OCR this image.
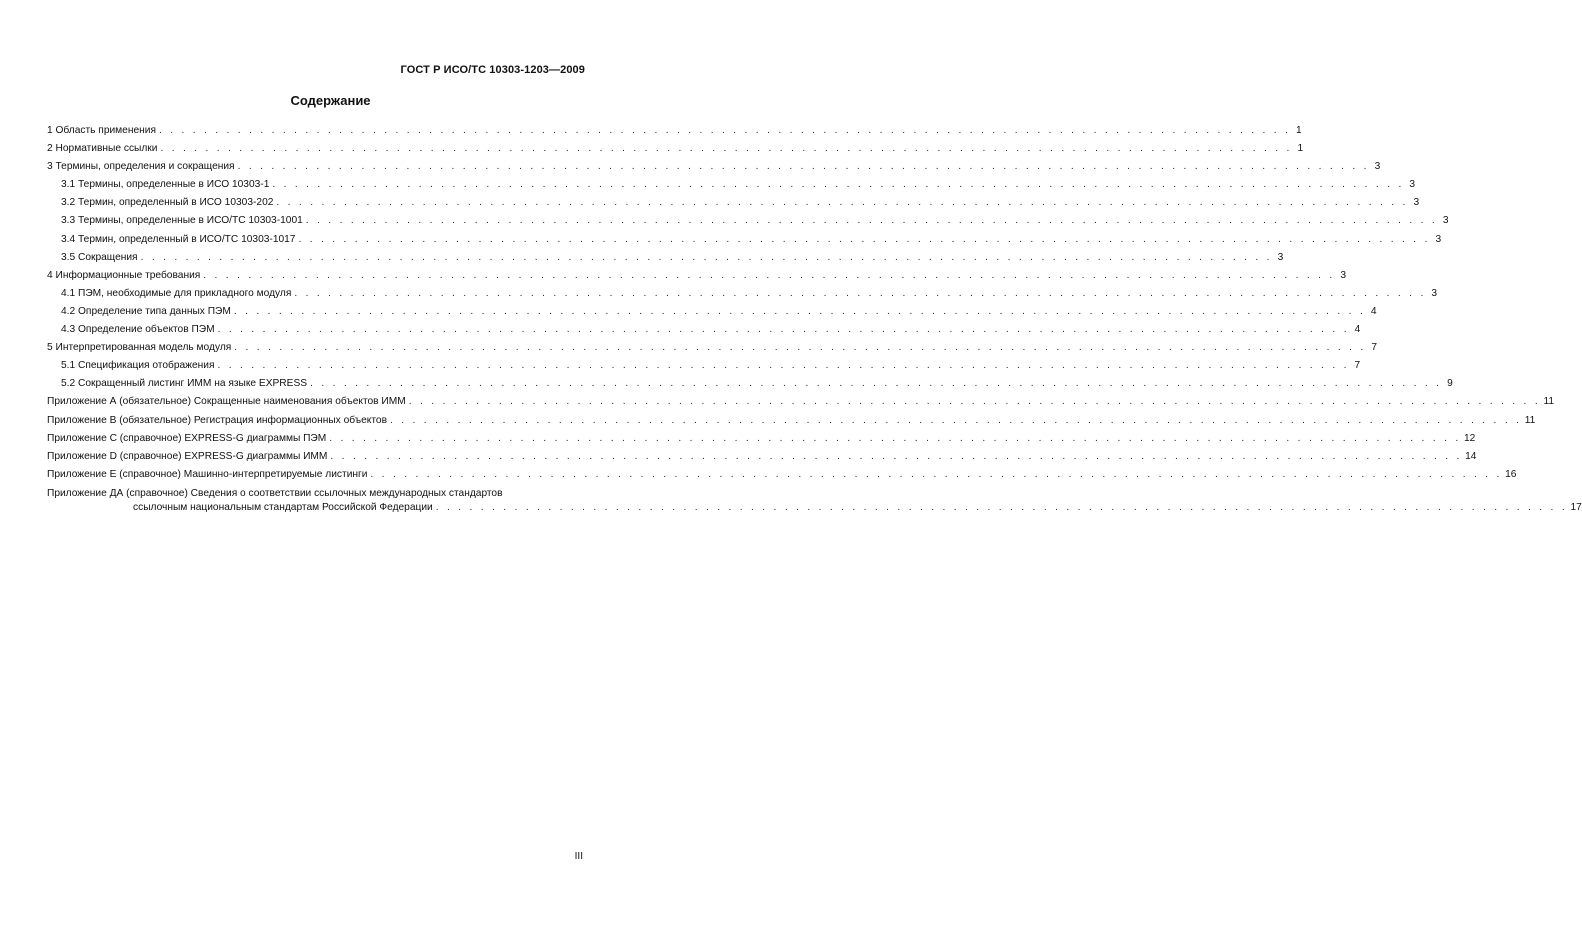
ГОСТ Р ИСО/ТС 10303-1203—2009
Содержание
1 Область применения . . . . . . . . . . . . . . . . . . . . . . . . . . . . . . . . . . . . . . . . . . . . . . . . . . . . . . . . . . . . . . . . . . . . . . . . . . . . . . . . . . . . . . . . . . . . . . . . . . . . . 1
2 Нормативные ссылки . . . . . . . . . . . . . . . . . . . . . . . . . . . . . . . . . . . . . . . . . . . . . . . . . . . . . . . . . . . . . . . . . . . . . . . . . . . . . . . . . . . . . . . . . . . . . . . . . . . . . 1
3 Термины, определения и сокращения . . . . . . . . . . . . . . . . . . . . . . . . . . . . . . . . . . . . . . . . . . . . . . . . . . . . . . . . . . . . . . . . . . . . . . . . . . . . . . . . . . . . . . . . . . . . . . . . . . . . . 3
3.1 Термины, определенные в ИСО 10303-1 . . . . . . . . . . . . . . . . . . . . . . . . . . . . . . . . . . . . . . . . . . . . . . . . . . . . . . . . . . . . . . . . . . . . . . . . . . . . . . . . . . . . . . . . . . . . . . . . . . . . . 3
3.2 Термин, определенный в ИСО 10303-202 . . . . . . . . . . . . . . . . . . . . . . . . . . . . . . . . . . . . . . . . . . . . . . . . . . . . . . . . . . . . . . . . . . . . . . . . . . . . . . . . . . . . . . . . . . . . . . . . . . . . . 3
3.3 Термины, определенные в ИСО/ТС 10303-1001 . . . . . . . . . . . . . . . . . . . . . . . . . . . . . . . . . . . . . . . . . . . . . . . . . . . . . . . . . . . . . . . . . . . . . . . . . . . . . . . . . . . . . . . . . . . . . . . . . . . . . 3
3.4 Термин, определенный в ИСО/ТС 10303-1017 . . . . . . . . . . . . . . . . . . . . . . . . . . . . . . . . . . . . . . . . . . . . . . . . . . . . . . . . . . . . . . . . . . . . . . . . . . . . . . . . . . . . . . . . . . . . . . . . . . . . . 3
3.5 Сокращения . . . . . . . . . . . . . . . . . . . . . . . . . . . . . . . . . . . . . . . . . . . . . . . . . . . . . . . . . . . . . . . . . . . . . . . . . . . . . . . . . . . . . . . . . . . . . . . . . . . . . 3
4 Информационные требования . . . . . . . . . . . . . . . . . . . . . . . . . . . . . . . . . . . . . . . . . . . . . . . . . . . . . . . . . . . . . . . . . . . . . . . . . . . . . . . . . . . . . . . . . . . . . . . . . . . . . 3
4.1 ПЭМ, необходимые для прикладного модуля . . . . . . . . . . . . . . . . . . . . . . . . . . . . . . . . . . . . . . . . . . . . . . . . . . . . . . . . . . . . . . . . . . . . . . . . . . . . . . . . . . . . . . . . . . . . . . . . . . . . . 3
4.2 Определение типа данных ПЭМ . . . . . . . . . . . . . . . . . . . . . . . . . . . . . . . . . . . . . . . . . . . . . . . . . . . . . . . . . . . . . . . . . . . . . . . . . . . . . . . . . . . . . . . . . . . . . . . . . . . . . 4
4.3 Определение объектов ПЭМ . . . . . . . . . . . . . . . . . . . . . . . . . . . . . . . . . . . . . . . . . . . . . . . . . . . . . . . . . . . . . . . . . . . . . . . . . . . . . . . . . . . . . . . . . . . . . . . . . . . . . 4
5 Интерпретированная модель модуля . . . . . . . . . . . . . . . . . . . . . . . . . . . . . . . . . . . . . . . . . . . . . . . . . . . . . . . . . . . . . . . . . . . . . . . . . . . . . . . . . . . . . . . . . . . . . . . . . . . . . 7
5.1 Спецификация отображения . . . . . . . . . . . . . . . . . . . . . . . . . . . . . . . . . . . . . . . . . . . . . . . . . . . . . . . . . . . . . . . . . . . . . . . . . . . . . . . . . . . . . . . . . . . . . . . . . . . . . 7
5.2 Сокращенный листинг ИММ на языке EXPRESS . . . . . . . . . . . . . . . . . . . . . . . . . . . . . . . . . . . . . . . . . . . . . . . . . . . . . . . . . . . . . . . . . . . . . . . . . . . . . . . . . . . . . . . . . . . . . . . . . . . . . 9
Приложение А (обязательное) Сокращенные наименования объектов ИММ . . . . . . . . . . . . . . . . . . . . . . . . . . . . . . . . . . . . . . . . . . . . . . . . . . . . . . . . . . . . . . . . . . . . . . . . . . . . . . . . . . . . . . . . . . . . . . . . . . . . . 11
Приложение В (обязательное) Регистрация информационных объектов . . . . . . . . . . . . . . . . . . . . . . . . . . . . . . . . . . . . . . . . . . . . . . . . . . . . . . . . . . . . . . . . . . . . . . . . . . . . . . . . . . . . . . . . . . . . . . . . . . . . . 11
Приложение С (справочное) EXPRESS-G диаграммы ПЭМ . . . . . . . . . . . . . . . . . . . . . . . . . . . . . . . . . . . . . . . . . . . . . . . . . . . . . . . . . . . . . . . . . . . . . . . . . . . . . . . . . . . . . . . . . . . . . . . . . . . . . 12
Приложение D (справочное) EXPRESS-G диаграммы ИММ . . . . . . . . . . . . . . . . . . . . . . . . . . . . . . . . . . . . . . . . . . . . . . . . . . . . . . . . . . . . . . . . . . . . . . . . . . . . . . . . . . . . . . . . . . . . . . . . . . . . . 14
Приложение Е (справочное) Машинно-интерпретируемые листинги . . . . . . . . . . . . . . . . . . . . . . . . . . . . . . . . . . . . . . . . . . . . . . . . . . . . . . . . . . . . . . . . . . . . . . . . . . . . . . . . . . . . . . . . . . . . . . . . . . . . . 16
Приложение ДА (справочное) Сведения о соответствии ссылочных международных стандартов
ссылочным национальным стандартам Российской Федерации . . . . . . . . . . . . . . . . . . . . . . . . . . . . . . . . . . . . . . . . . . . . . . . . . . . . . . . . . . . . . . . . . . . . . . . . . . . . . . . . . . . . . . . . . . . . . . . . . . . . . 17
III
